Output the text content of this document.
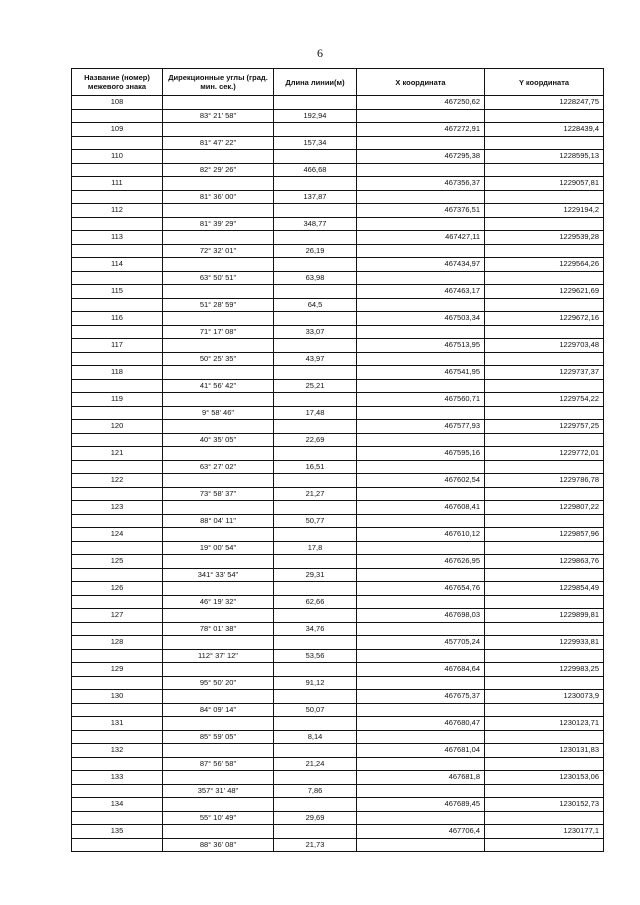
6
Название (номер) межевого знака	Дирекционные углы (град. мин. сек.)	Длина линии(м)	X координата	Y координата
108			467250,62	1228247,75
	83° 21' 58"	192,94		
109			467272,91	1228439,4
	81° 47' 22"	157,34		
110			467295,38	1228595,13
	82° 29' 26"	466,68		
111			467356,37	1229057,81
	81° 36' 00"	137,87		
112			467376,51	1229194,2
	81° 39' 29"	348,77		
113			467427,11	1229539,28
	72° 32' 01"	26,19		
114			467434,97	1229564,26
	63° 50' 51"	63,98		
115			467463,17	1229621,69
	51° 28' 59"	64,5		
116			467503,34	1229672,16
	71° 17' 08"	33,07		
117			467513,95	1229703,48
	50° 25' 35"	43,97		
118			467541,95	1229737,37
	41° 56' 42"	25,21		
119			467560,71	1229754,22
	9° 58' 46"	17,48		
120			467577,93	1229757,25
	40° 35' 05"	22,69		
121			467595,16	1229772,01
	63° 27' 02"	16,51		
122			467602,54	1229786,78
	73° 58' 37"	21,27		
123			467608,41	1229807,22
	88° 04' 11"	50,77		
124			467610,12	1229857,96
	19° 00' 54"	17,8		
125			467626,95	1229863,76
	341° 33' 54"	29,31		
126			467654,76	1229854,49
	46° 19' 32"	62,66		
127			467698,03	1229899,81
	78° 01' 38"	34,76		
128			457705,24	1229933,81
	112° 37' 12"	53,56		
129			467684,64	1229983,25
	95° 50' 20"	91,12		
130			467675,37	1230073,9
	84° 09' 14"	50,07		
131			467680,47	1230123,71
	85° 59' 05"	8,14		
132			467681,04	1230131,83
	87° 56' 58"	21,24		
133			467681,8	1230153,06
	357° 31' 48"	7,86		
134			467689,45	1230152,73
	55° 10' 49"	29,69		
135			467706,4	1230177,1
	88° 36' 08"	21,73		
